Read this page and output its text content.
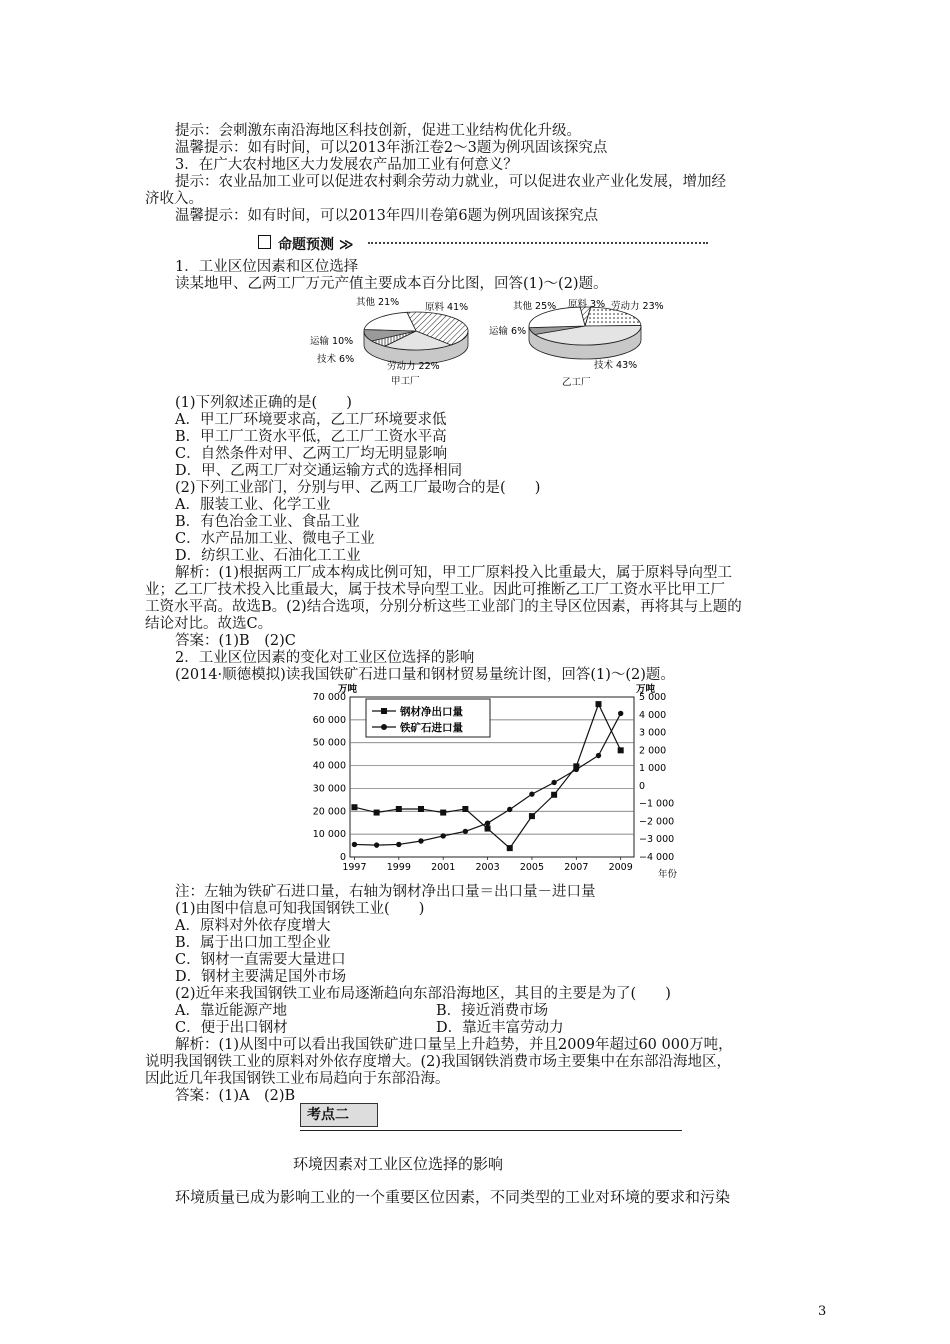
提示：会刺激东南沿海地区科技创新，促进工业结构优化升级。
温馨提示：如有时间，可以2013年浙江卷2～3题为例巩固该探究点
3．在广大农村地区大力发展农产品加工业有何意义？
提示：农业品加工业可以促进农村剩余劳动力就业，可以促进农业产业化发展，增加经
济收入。
温馨提示：如有时间，可以2013年四川卷第6题为例巩固该探究点
命题预测 ≫
1．工业区位因素和区位选择
读某地甲、乙两工厂万元产值主要成本百分比图，回答(1)～(2)题。
其他 21%	原料 41%
运输 10%
技术 6%
劳动力 22%
甲工厂
其他 25% 原料 3% 劳动力 23%
运输 6%
技术 43%
乙工厂
(1)下列叙述正确的是(　　)
A．甲工厂环境要求高，乙工厂环境要求低
B．甲工厂工资水平低，乙工厂工资水平高
C．自然条件对甲、乙两工厂均无明显影响
D．甲、乙两工厂对交通运输方式的选择相同
(2)下列工业部门，分别与甲、乙两工厂最吻合的是(　　)
A．服装工业、化学工业
B．有色冶金工业、食品工业
C．水产品加工业、微电子工业
D．纺织工业、石油化工工业
解析：(1)根据两工厂成本构成比例可知，甲工厂原料投入比重最大，属于原料导向型工
业；乙工厂技术投入比重最大，属于技术导向型工业。因此可推断乙工厂工资水平比甲工厂
工资水平高。故选B。(2)结合选项，分别分析这些工业部门的主导区位因素，再将其与上题的
结论对比。故选C。
答案：(1)B　(2)C
2．工业区位因素的变化对工业区位选择的影响
(2014·顺德模拟)读我国铁矿石进口量和钢材贸易量统计图，回答(1)～(2)题。
0
10 000
20 000
30 000
40 000
50 000
60 000
70 000
−4 000
−3 000
−2 000
−1 000
0
1 000
2 000
3 000
4 000
5 000
1997 1999 2001 2003 2005 2007 2009
万吨	万吨
年份
钢材净出口量
铁矿石进口量
注：左轴为铁矿石进口量，右轴为钢材净出口量＝出口量－进口量
(1)由图中信息可知我国钢铁工业(　　)
A．原料对外依存度增大
B．属于出口加工型企业
C．钢材一直需要大量进口
D．钢材主要满足国外市场
(2)近年来我国钢铁工业布局逐渐趋向东部沿海地区，其目的主要是为了(　　)
A．靠近能源产地	B．接近消费市场
C．便于出口钢材	D．靠近丰富劳动力
解析：(1)从图中可以看出我国铁矿进口量呈上升趋势，并且2009年超过60 000万吨，
说明我国钢铁工业的原料对外依存度增大。(2)我国钢铁消费市场主要集中在东部沿海地区，
因此近几年我国钢铁工业布局趋向于东部沿海。
答案：(1)A　(2)B
考点二
环境因素对工业区位选择的影响
环境质量已成为影响工业的一个重要区位因素，不同类型的工业对环境的要求和污染
3
